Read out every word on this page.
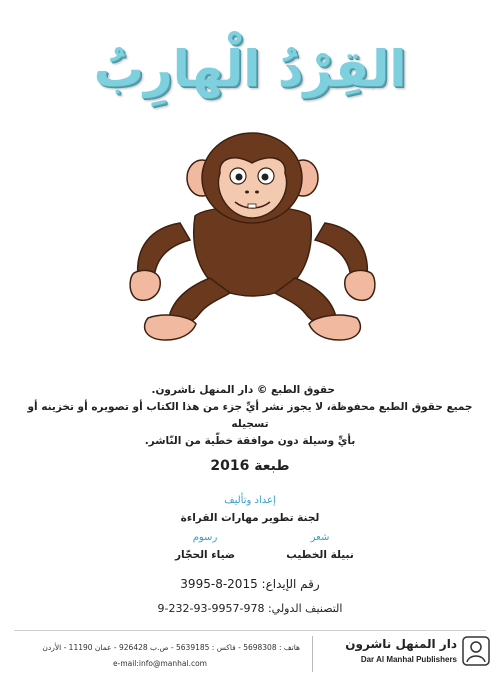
القِرْدُ الْهارِبُ
حقوق الطبع © دار المنهل ناشرون.
جميع حقوق الطبع محفوظة، لا يجوز نشر أيِّ جزء من هذا الكتاب أو تصويره أو تخزينه أو تسجيله
بأيِّ وسيلة دون موافقة خطّية من النّاشر.
طبعة 2016
إعداد وتأليف
لجنة تطوير مهارات القراءة
شعر
نبيلة الخطيب
رسوم
ضياء الحجّار
رقم الإيداع: 2015-8-3995
التصنيف الدولي: 978-9957-93-232-9
هاتف : 5698308 - فاكس : 5639185 - ص.ب 926428 - عمان 11190 - الأردن
e-mail:info@manhal.com
دار المنهل ناشرون
Dar Al Manhal Publishers
